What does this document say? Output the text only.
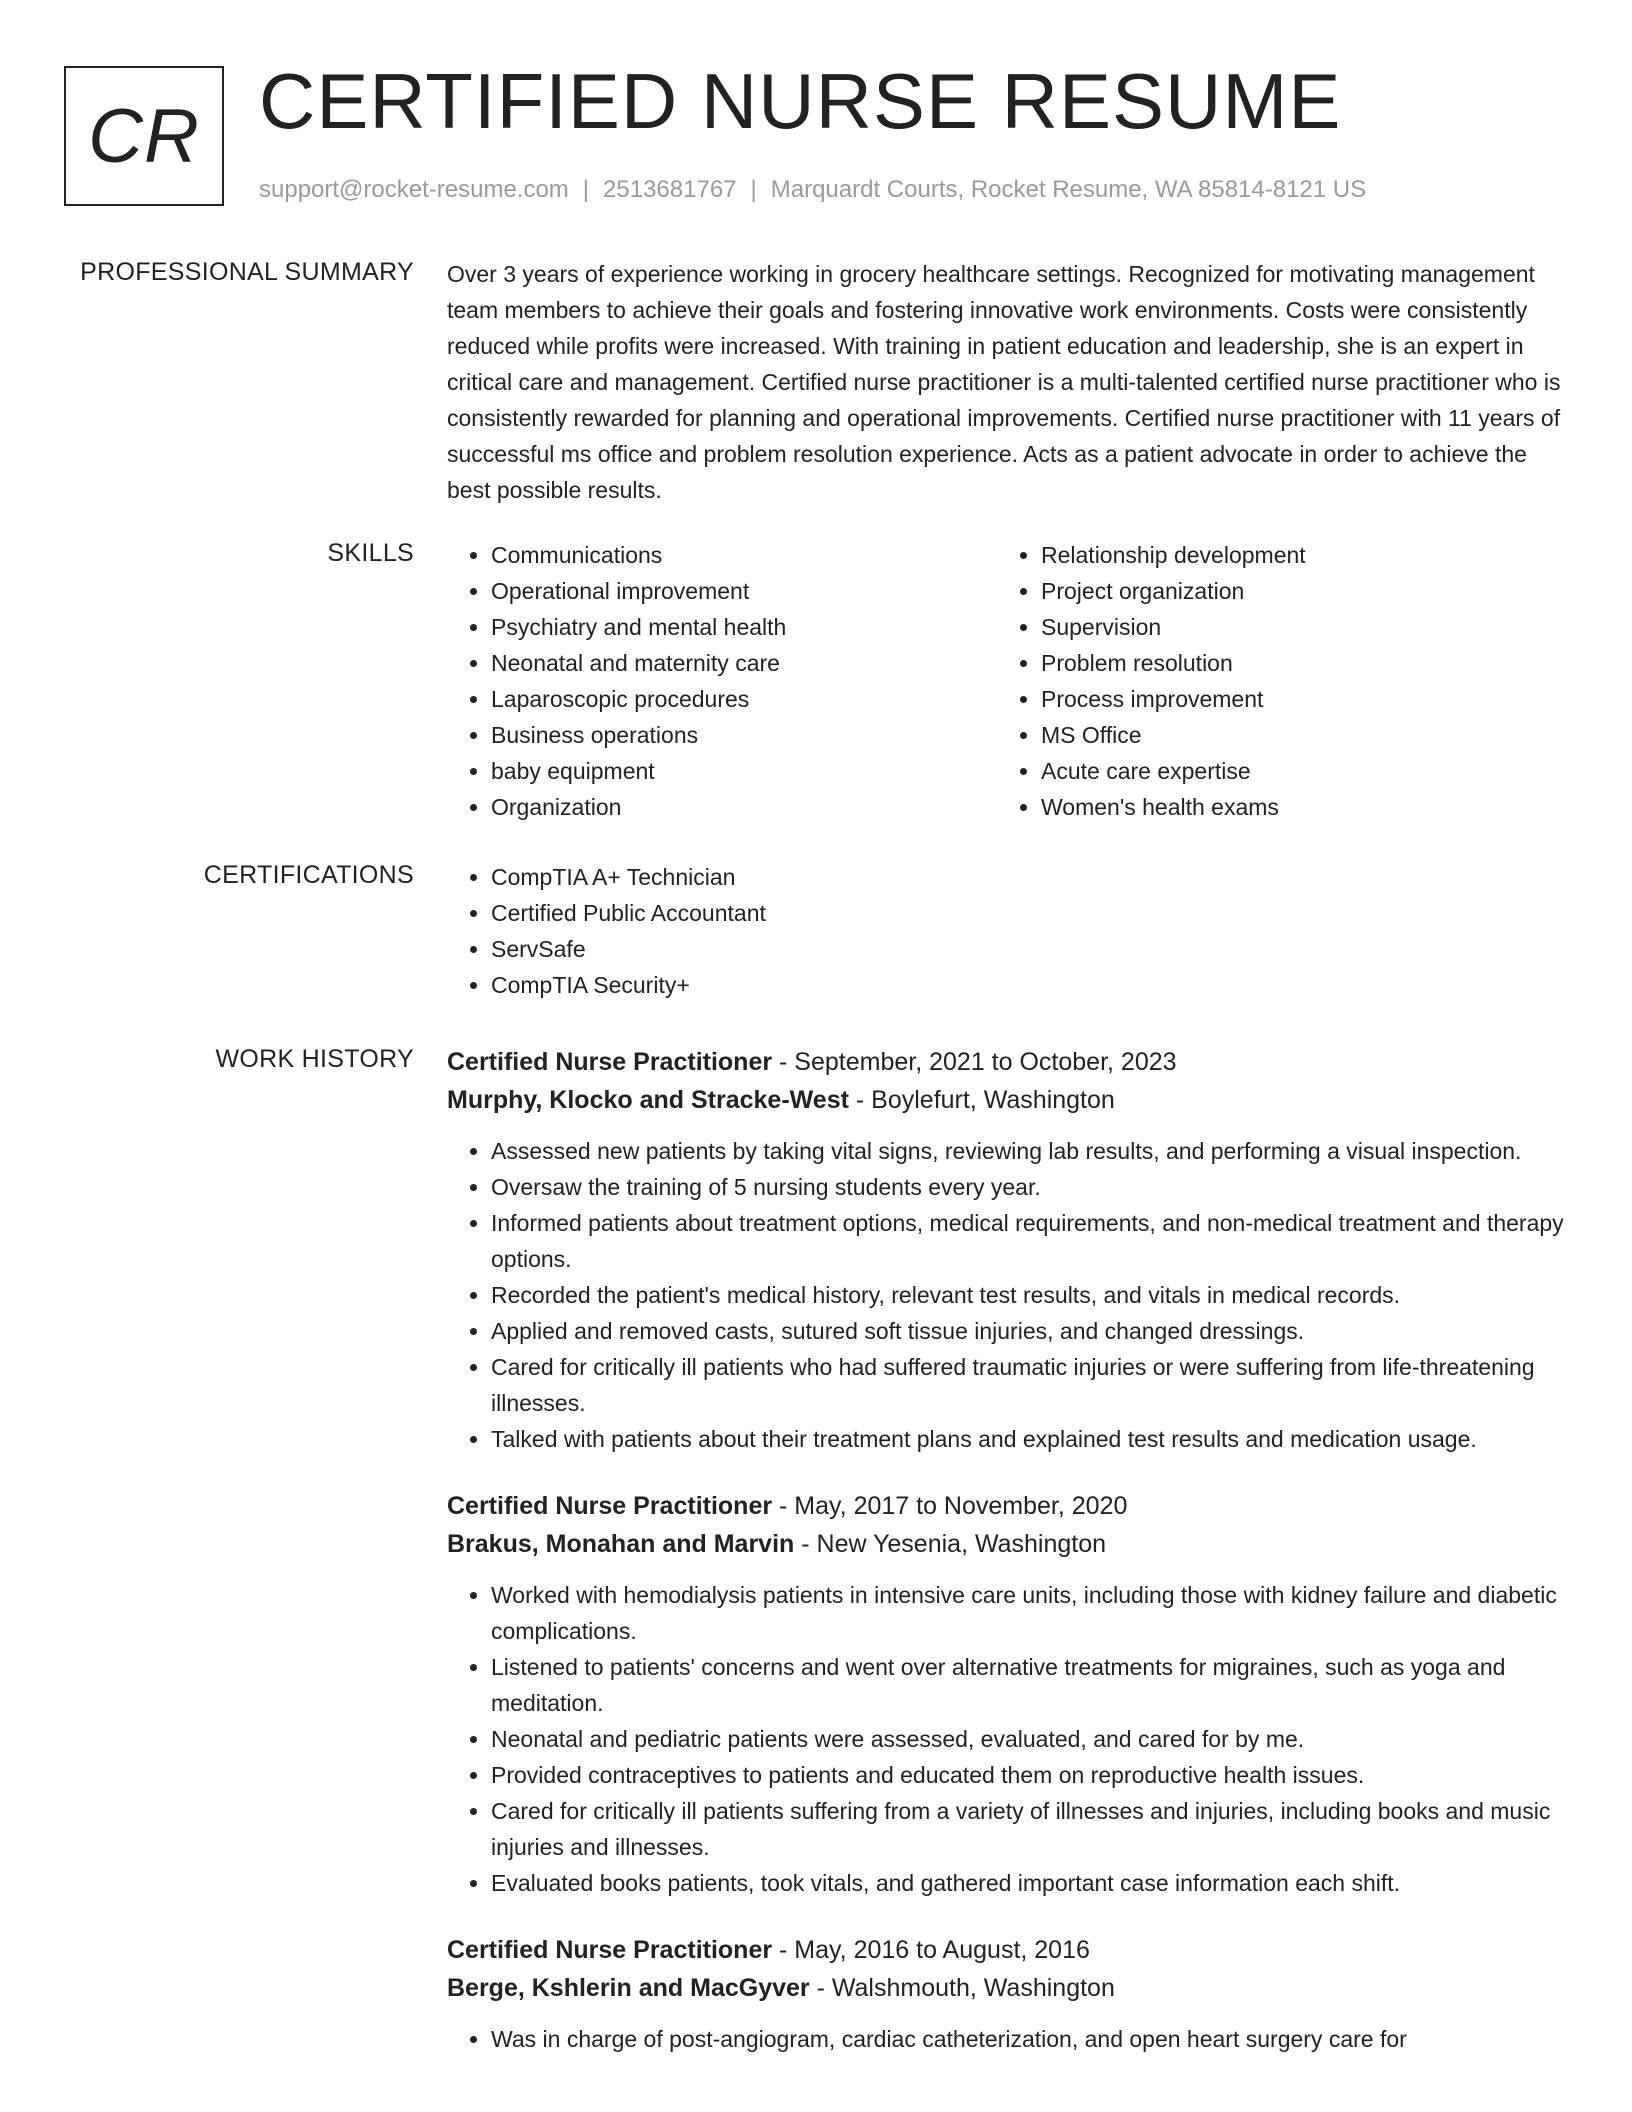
CR CERTIFIED NURSE RESUME
support@rocket-resume.com | 2513681767 | Marquardt Courts, Rocket Resume, WA 85814-8121 US
PROFESSIONAL SUMMARY Over 3 years of experience working in grocery healthcare settings. Recognized for motivating management team members to achieve their goals and fostering innovative work environments. Costs were consistently reduced while profits were increased. With training in patient education and leadership, she is an expert in critical care and management. Certified nurse practitioner is a multi-talented certified nurse practitioner who is consistently rewarded for planning and operational improvements. Certified nurse practitioner with 11 years of successful ms office and problem resolution experience. Acts as a patient advocate in order to achieve the best possible results.

SKILLS	• Communications
• Operational improvement
• Psychiatry and mental health
• Neonatal and maternity care
• Laparoscopic procedures
• Business operations
• baby equipment
• Organization
• Relationship development
• Project organization
• Supervision
• Problem resolution
• Process improvement
• MS Office
• Acute care expertise
• Women's health exams
CERTIFICATIONS	• CompTIA A+ Technician
• Certified Public Accountant
• ServSafe
• CompTIA Security+
WORK HISTORY Certified Nurse Practitioner - September, 2021 to October, 2023
Murphy, Klocko and Stracke-West - Boylefurt, Washington
• Assessed new patients by taking vital signs, reviewing lab results, and performing a visual inspection.
• Oversaw the training of 5 nursing students every year.
• Informed patients about treatment options, medical requirements, and non-medical treatment and therapy options.
• Recorded the patient's medical history, relevant test results, and vitals in medical records.
• Applied and removed casts, sutured soft tissue injuries, and changed dressings.
• Cared for critically ill patients who had suffered traumatic injuries or were suffering from life-threatening illnesses.
• Talked with patients about their treatment plans and explained test results and medication usage.
Certified Nurse Practitioner - May, 2017 to November, 2020
Brakus, Monahan and Marvin - New Yesenia, Washington
• Worked with hemodialysis patients in intensive care units, including those with kidney failure and diabetic complications.
• Listened to patients' concerns and went over alternative treatments for migraines, such as yoga and meditation.
• Neonatal and pediatric patients were assessed, evaluated, and cared for by me.
• Provided contraceptives to patients and educated them on reproductive health issues.
• Cared for critically ill patients suffering from a variety of illnesses and injuries, including books and music injuries and illnesses.
• Evaluated books patients, took vitals, and gathered important case information each shift.
Certified Nurse Practitioner - May, 2016 to August, 2016
Berge, Kshlerin and MacGyver - Walshmouth, Washington
• Was in charge of post-angiogram, cardiac catheterization, and open heart surgery care for
